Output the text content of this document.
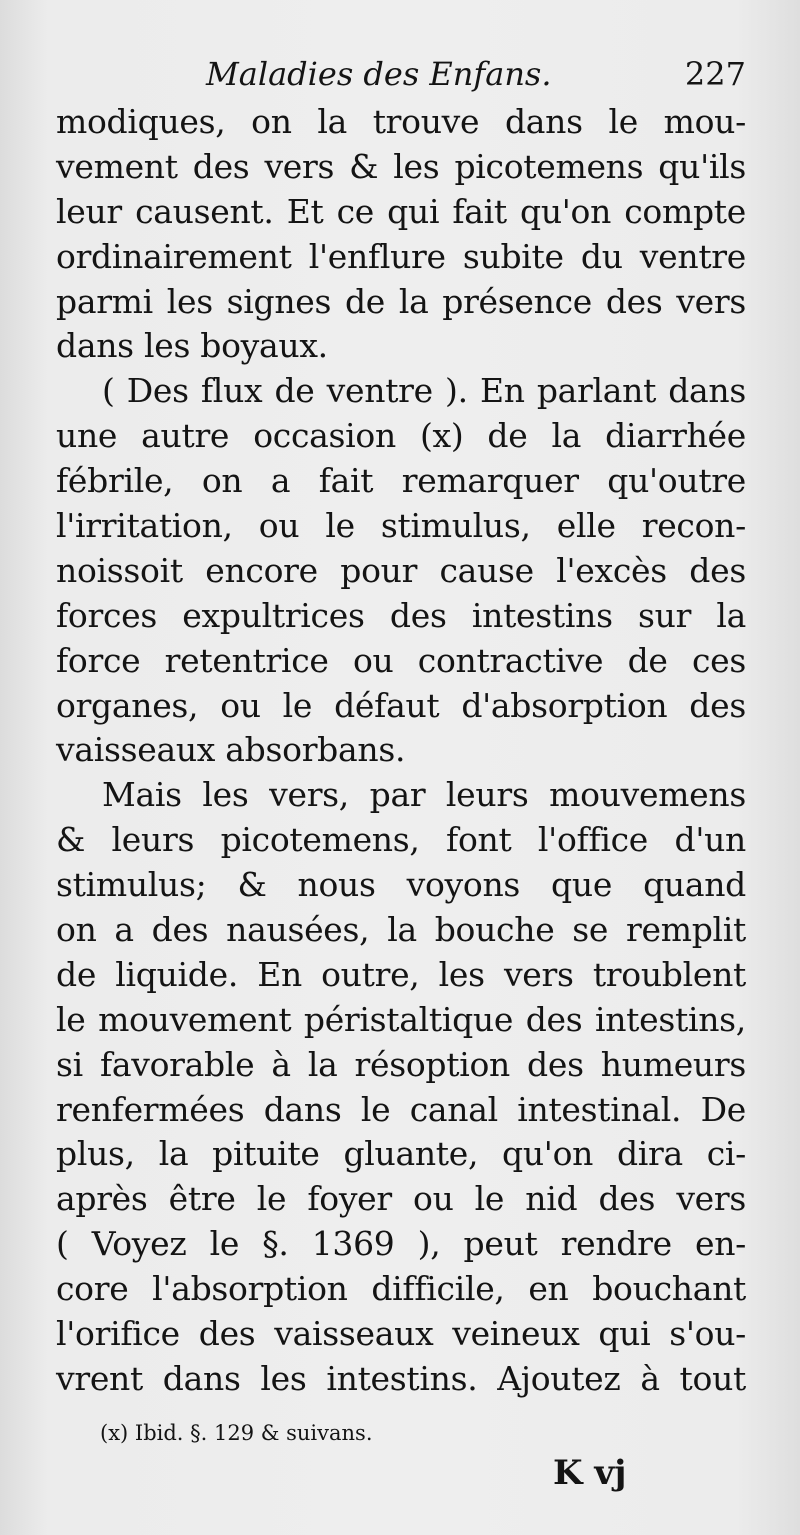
Maladies des Enfans.	227
modiques, on la trouve dans le mou-
vement des vers & les picotemens qu'ils
leur causent. Et ce qui fait qu'on compte
ordinairement l'enflure subite du ventre
parmi les signes de la présence des vers
dans les boyaux.
( Des flux de ventre ). En parlant dans
une autre occasion (x) de la diarrhée
fébrile, on a fait remarquer qu'outre
l'irritation, ou le stimulus, elle recon-
noissoit encore pour cause l'excès des
forces expultrices des intestins sur la
force retentrice ou contractive de ces
organes, ou le défaut d'absorption des
vaisseaux absorbans.
Mais les vers, par leurs mouvemens
& leurs picotemens, font l'office d'un
stimulus; & nous voyons que quand
on a des nausées, la bouche se remplit
de liquide. En outre, les vers troublent
le mouvement péristaltique des intestins,
si favorable à la résoption des humeurs
renfermées dans le canal intestinal. De
plus, la pituite gluante, qu'on dira ci-
après être le foyer ou le nid des vers
( Voyez le §. 1369 ), peut rendre en-
core l'absorption difficile, en bouchant
l'orifice des vaisseaux veineux qui s'ou-
vrent dans les intestins. Ajoutez à tout
(x) Ibid. §. 129 & suivans.
K vj
